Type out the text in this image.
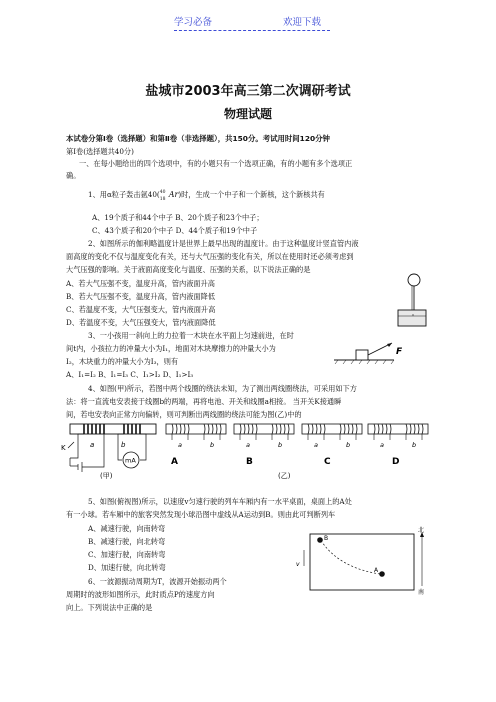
学习必备	欢迎下载
盐城市2003年高三第二次调研考试
物理试题
本试卷分第Ⅰ卷（选择题）和第Ⅱ卷（非选择题），共150分。考试用时间120分钟
第Ⅰ卷(选择题共40分)
一、在每小题给出的四个选项中，有的小题只有一个选项正确，有的小题有多个选项正
确。
1、用α粒子轰击氩40( 40
18
Ar)时，生成一个中子和一个新核，这个新核共有
A、19个质子和44个中子 B、20个质子和23个中子；
C、43个质子和20个中子 D、44个质子和19个中子
2、如图所示的伽利略温度计是世界上最早出现的温度计。由于这种温度计竖直管内液
面高度的变化不仅与温度变化有关，还与大气压强的变化有关，所以在使用时还必须考虑到
大气压强的影响。关于液面高度变化与温度、压强的关系，以下说法正确的是
A、若大气压强不变，温度升高，管内液面升高
B、若大气压强不变，温度升高，管内液面降低
C、若温度不变，大气压强变大，管内液面升高
D、若温度不变，大气压强变大，管内液面降低
3、一小孩用一斜向上的力拉着一木块在水平面上匀速前进，在时
间t内，小孩拉力的冲量大小为I₁，地面对木块摩擦力的冲量大小为
I₂，木块重力的冲量大小为I₃，则有
A、I₁=I₂ B、I₁=I₃ C、I₁>I₂ D、I₁>I₃
F
4、如图(甲)所示，若图中两个线圈的绕法未知，为了测出两线圈绕法，可采用如下方
法：将一直流电安表接于线圈b的两端，再将电池、开关和线圈a相接。 当开关K接通瞬
间，若电安表向正常方向偏转，则可判断出两线圈的绕法可能为图(乙)中的
K	a	b
mA
(甲)
a	b
A
a	b
B
a	b
C
a	b
D
(乙)
5、如图(俯视图)所示，以速度v匀速行驶的列车车厢内有一水平桌面，桌面上的A处
有一小球。若车厢中的旅客突然发现小球沿图中虚线从A运动到B。则由此可判断列车
A、减速行驶，向南转弯
B、减速行驶，向北转弯
C、加速行驶，向南转弯
D、加速行驶，向北转弯	v
B
A
北
南
6、一波源振动周期为T，波源开始振动两个
周期时的波形如图所示，此时质点P的速度方向
向上。下列说法中正确的是
